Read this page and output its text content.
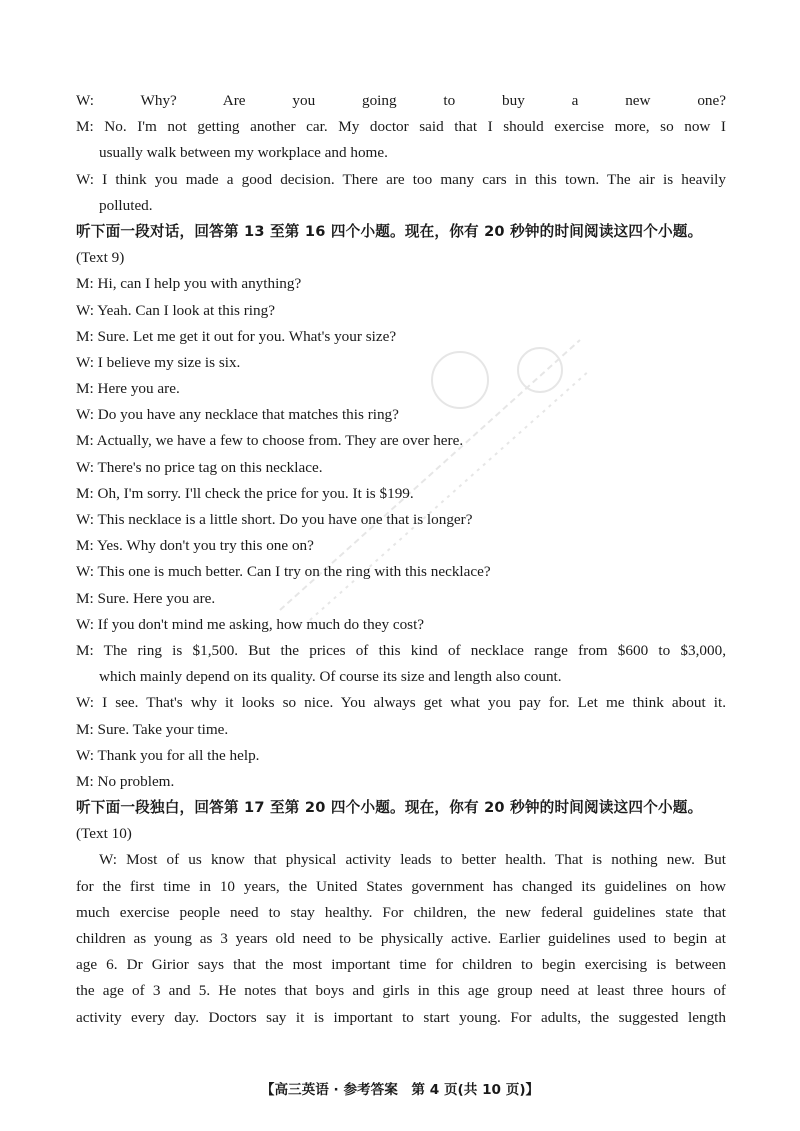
W: Why? Are you going to buy a new one?
M: No. I'm not getting another car. My doctor said that I should exercise more, so now I
usually walk between my workplace and home.
W: I think you made a good decision. There are too many cars in this town. The air is heavily
polluted.
听下面一段对话，回答第 13 至第 16 四个小题。现在，你有 20 秒钟的时间阅读这四个小题。
(Text 9)
M: Hi, can I help you with anything?
W: Yeah. Can I look at this ring?
M: Sure. Let me get it out for you. What's your size?
W: I believe my size is six.
M: Here you are.
W: Do you have any necklace that matches this ring?
M: Actually, we have a few to choose from. They are over here.
W: There's no price tag on this necklace.
M: Oh, I'm sorry. I'll check the price for you. It is $199.
W: This necklace is a little short. Do you have one that is longer?
M: Yes. Why don't you try this one on?
W: This one is much better. Can I try on the ring with this necklace?
M: Sure. Here you are.
W: If you don't mind me asking, how much do they cost?
M: The ring is $1,500. But the prices of this kind of necklace range from $600 to $3,000,
which mainly depend on its quality. Of course its size and length also count.
W: I see. That's why it looks so nice. You always get what you pay for. Let me think about it.
M: Sure. Take your time.
W: Thank you for all the help.
M: No problem.
听下面一段独白，回答第 17 至第 20 四个小题。现在，你有 20 秒钟的时间阅读这四个小题。
(Text 10)
W: Most of us know that physical activity leads to better health. That is nothing new. But
for the first time in 10 years, the United States government has changed its guidelines on how
much exercise people need to stay healthy. For children, the new federal guidelines state that
children as young as 3 years old need to be physically active. Earlier guidelines used to begin at
age 6. Dr Girior says that the most important time for children to begin exercising is between
the age of 3 and 5. He notes that boys and girls in this age group need at least three hours of
activity every day. Doctors say it is important to start young. For adults, the suggested length
【高三英语 · 参考答案　第 4 页(共 10 页)】
